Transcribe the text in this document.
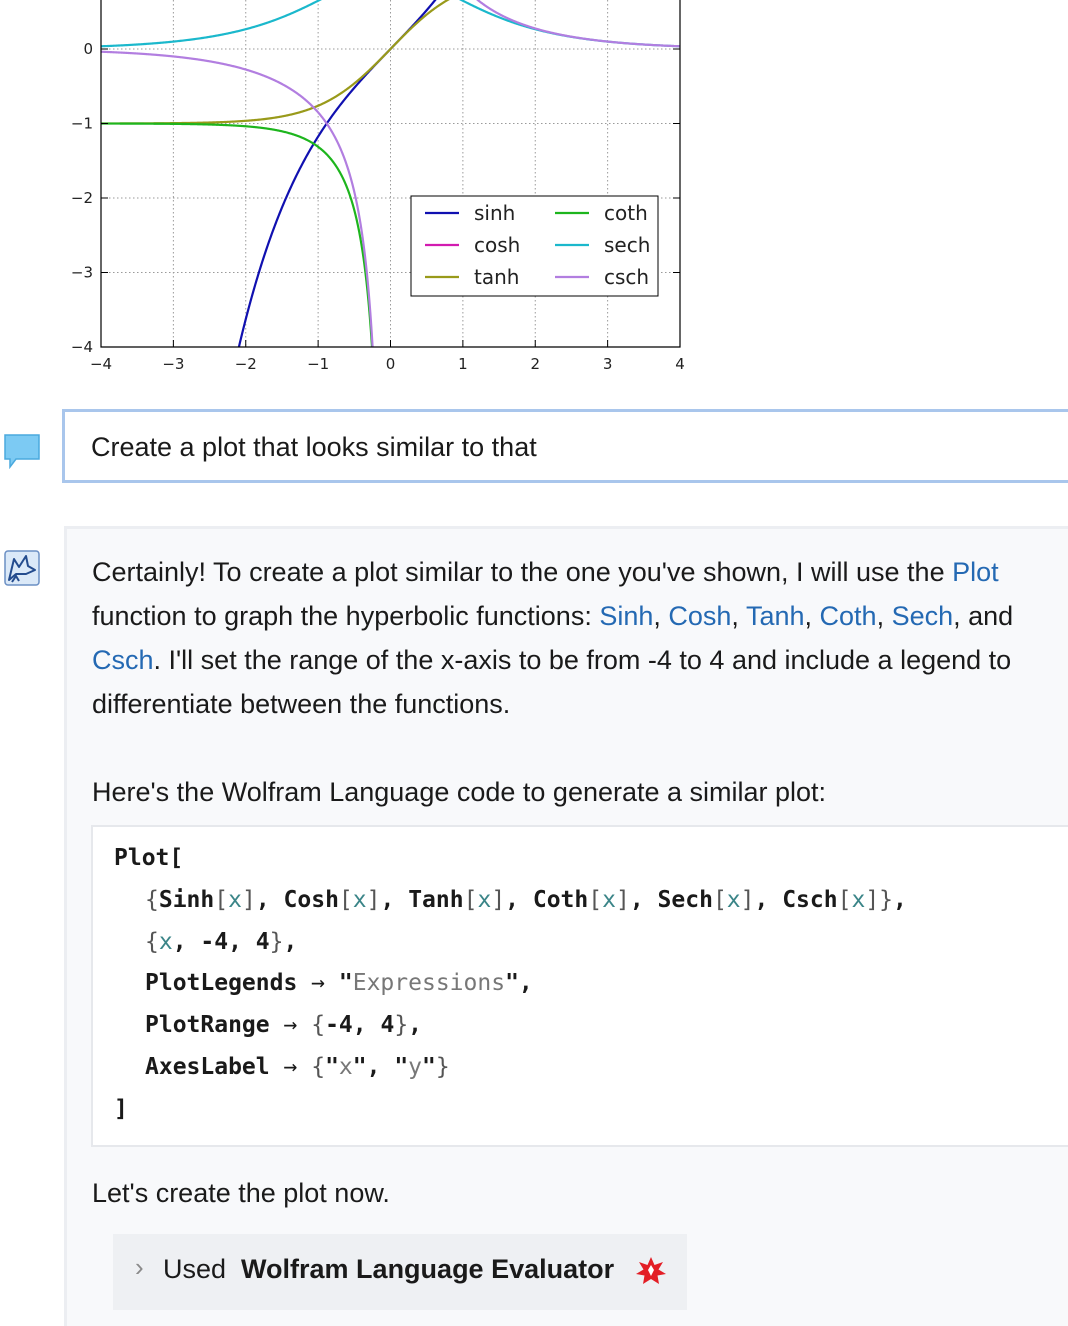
−4	−3	−2	−1	0	1	2	3	4
−4
−3
−2
−1
0
sinh
cosh
tanh
coth
sech
csch
Create a plot that looks similar to that
Certainly! To create a plot similar to the one you've shown, I will use the Plot function to graph the hyperbolic functions: Sinh, Cosh, Tanh, Coth, Sech, and Csch. I'll set the range of the x-axis to be from -4 to 4 and include a legend to differentiate between the functions.
Here's the Wolfram Language code to generate a similar plot:
Plot[
{Sinh[x], Cosh[x], Tanh[x], Coth[x], Sech[x], Csch[x]},
{x, -4, 4},
PlotLegends → "Expressions",
PlotRange → {-4, 4},
AxesLabel → {"x", "y"}
]
Let's create the plot now.
› Used Wolfram Language Evaluator
